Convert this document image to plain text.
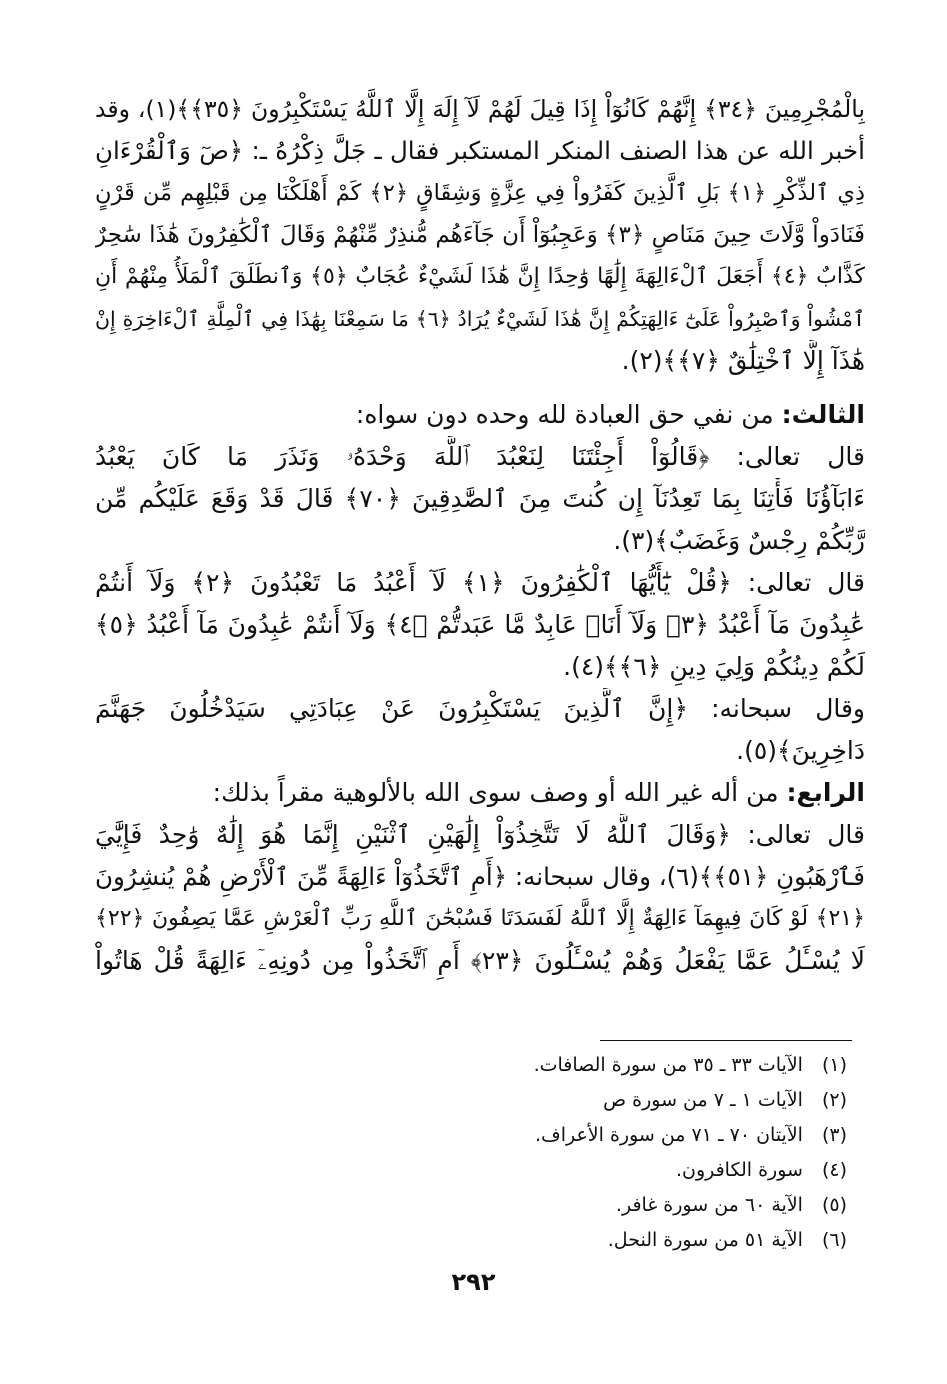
بِالْمُجْرِمِينَ ﴿٣٤﴾ إِنَّهُمْ كَانُوٓاْ إِذَا قِيلَ لَهُمْ لَآ إِلَهَ إِلَّا ٱللَّهُ يَسْتَكْبِرُونَ ﴿٣٥﴾﴾(١)، وقد
أخبر الله عن هذا الصنف المنكر المستكبر فقال ـ جَلَّ ذِكْرُهُ ـ: ﴿صٓ وَٱلْقُرْءَانِ
ذِي ٱلذِّكْرِ ﴿١﴾ بَلِ ٱلَّذِينَ كَفَرُواْ فِي عِزَّةٍ وَشِقَاقٍ ﴿٢﴾ كَمْ أَهْلَكْنَا مِن قَبْلِهِم مِّن قَرْنٍ
فَنَادَواْ وَّلَاتَ حِينَ مَنَاصٍ ﴿٣﴾ وَعَجِبُوٓاْ أَن جَآءَهُم مُّنذِرٌ مِّنْهُمْ وَقَالَ ٱلْكَٰفِرُونَ هَٰذَا سَٰحِرٌ
كَذَّابٌ ﴿٤﴾ أَجَعَلَ ٱلْءَالِهَةَ إِلَٰهًا وَٰحِدًا إِنَّ هَٰذَا لَشَيْءٌ عُجَابٌ ﴿٥﴾ وَٱنطَلَقَ ٱلْمَلَأُ مِنْهُمْ أَنِ
ٱمْشُواْ وَٱصْبِرُواْ عَلَىٰٓ ءَالِهَتِكُمْ إِنَّ هَٰذَا لَشَيْءٌ يُرَادُ ﴿٦﴾ مَا سَمِعْنَا بِهَٰذَا فِي ٱلْمِلَّةِ ٱلْءَاخِرَةِ إِنْ
هَٰذَآ إِلَّا ٱخْتِلَٰقٌ ﴿٧﴾﴾(٢).
الثالث: من نفي حق العبادة لله وحده دون سواه:
قال تعالى: ﴿قَالُوٓاْ أَجِئْتَنَا لِنَعْبُدَ ٱللَّهَ وَحْدَهُۥ وَنَذَرَ مَا كَانَ يَعْبُدُ
ءَابَآؤُنَا فَأْتِنَا بِمَا تَعِدُنَآ إِن كُنتَ مِنَ ٱلصَّٰدِقِينَ ﴿٧٠﴾ قَالَ قَدْ وَقَعَ عَلَيْكُم مِّن
رَّبِّكُمْ رِجْسٌ وَغَضَبٌ﴾(٣).
قال تعالى: ﴿قُلْ يَٰٓأَيُّهَا ٱلْكَٰفِرُونَ ﴿١﴾ لَآ أَعْبُدُ مَا تَعْبُدُونَ ﴿٢﴾ وَلَآ أَنتُمْ
عَٰبِدُونَ مَآ أَعْبُدُ ﴿٣﴾ وَلَآ أَنَا۠ عَابِدٌ مَّا عَبَدتُّمْ ﴿٤﴾ وَلَآ أَنتُمْ عَٰبِدُونَ مَآ أَعْبُدُ ﴿٥﴾
لَكُمْ دِينُكُمْ وَلِيَ دِينِ ﴿٦﴾﴾(٤).
وقال سبحانه: ﴿إِنَّ ٱلَّذِينَ يَسْتَكْبِرُونَ عَنْ عِبَادَتِي سَيَدْخُلُونَ جَهَنَّمَ
دَاخِرِينَ﴾(٥).
الرابع: من أله غير الله أو وصف سوى الله بالألوهية مقراً بذلك:
قال تعالى: ﴿وَقَالَ ٱللَّهُ لَا تَتَّخِذُوٓاْ إِلَٰهَيْنِ ٱثْنَيْنِ إِنَّمَا هُوَ إِلَٰهٌ وَٰحِدٌ فَإِيَّٰيَ
فَٱرْهَبُونِ ﴿٥١﴾﴾(٦)، وقال سبحانه: ﴿أَمِ ٱتَّخَذُوٓاْ ءَالِهَةً مِّنَ ٱلْأَرْضِ هُمْ يُنشِرُونَ
﴿٢١﴾ لَوْ كَانَ فِيهِمَآ ءَالِهَةٌ إِلَّا ٱللَّهُ لَفَسَدَتَا فَسُبْحَٰنَ ٱللَّهِ رَبِّ ٱلْعَرْشِ عَمَّا يَصِفُونَ ﴿٢٢﴾
لَا يُسْـَٔلُ عَمَّا يَفْعَلُ وَهُمْ يُسْـَٔلُونَ ﴿٢٣﴾ أَمِ ٱتَّخَذُواْ مِن دُونِهِۦٓ ءَالِهَةً قُلْ هَاتُواْ
(١) الآيات ٣٣ ـ ٣٥ من سورة الصافات.
(٢) الآيات ١ ـ ٧ من سورة ص
(٣) الآيتان ٧٠ ـ ٧١ من سورة الأعراف.
(٤) سورة الكافرون.
(٥) الآية ٦٠ من سورة غافر.
(٦) الآية ٥١ من سورة النحل.
٢٩٢
